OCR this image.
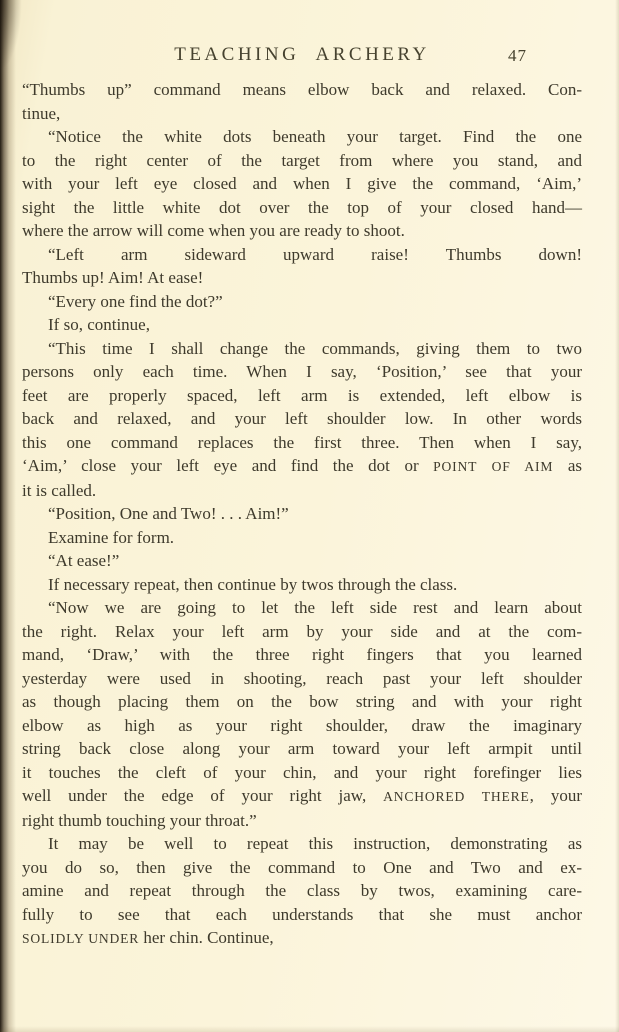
TEACHING ARCHERY	47
“Thumbs up” command means elbow back and relaxed. Con-
tinue,
“Notice the white dots beneath your target. Find the one
to the right center of the target from where you stand, and
with your left eye closed and when I give the command, ‘Aim,’
sight the little white dot over the top of your closed hand—
where the arrow will come when you are ready to shoot.
“Left arm sideward upward raise! Thumbs down!
Thumbs up! Aim! At ease!
“Every one find the dot?”
If so, continue,
“This time I shall change the commands, giving them to two
persons only each time. When I say, ‘Position,’ see that your
feet are properly spaced, left arm is extended, left elbow is
back and relaxed, and your left shoulder low. In other words
this one command replaces the first three. Then when I say,
‘Aim,’ close your left eye and find the dot or POINT OF AIM as
it is called.
“Position, One and Two! . . . Aim!”
Examine for form.
“At ease!”
If necessary repeat, then continue by twos through the class.
“Now we are going to let the left side rest and learn about
the right. Relax your left arm by your side and at the com-
mand, ‘Draw,’ with the three right fingers that you learned
yesterday were used in shooting, reach past your left shoulder
as though placing them on the bow string and with your right
elbow as high as your right shoulder, draw the imaginary
string back close along your arm toward your left armpit until
it touches the cleft of your chin, and your right forefinger lies
well under the edge of your right jaw, ANCHORED THERE, your
right thumb touching your throat.”
It may be well to repeat this instruction, demonstrating as
you do so, then give the command to One and Two and ex-
amine and repeat through the class by twos, examining care-
fully to see that each understands that she must anchor
SOLIDLY UNDER her chin. Continue,
